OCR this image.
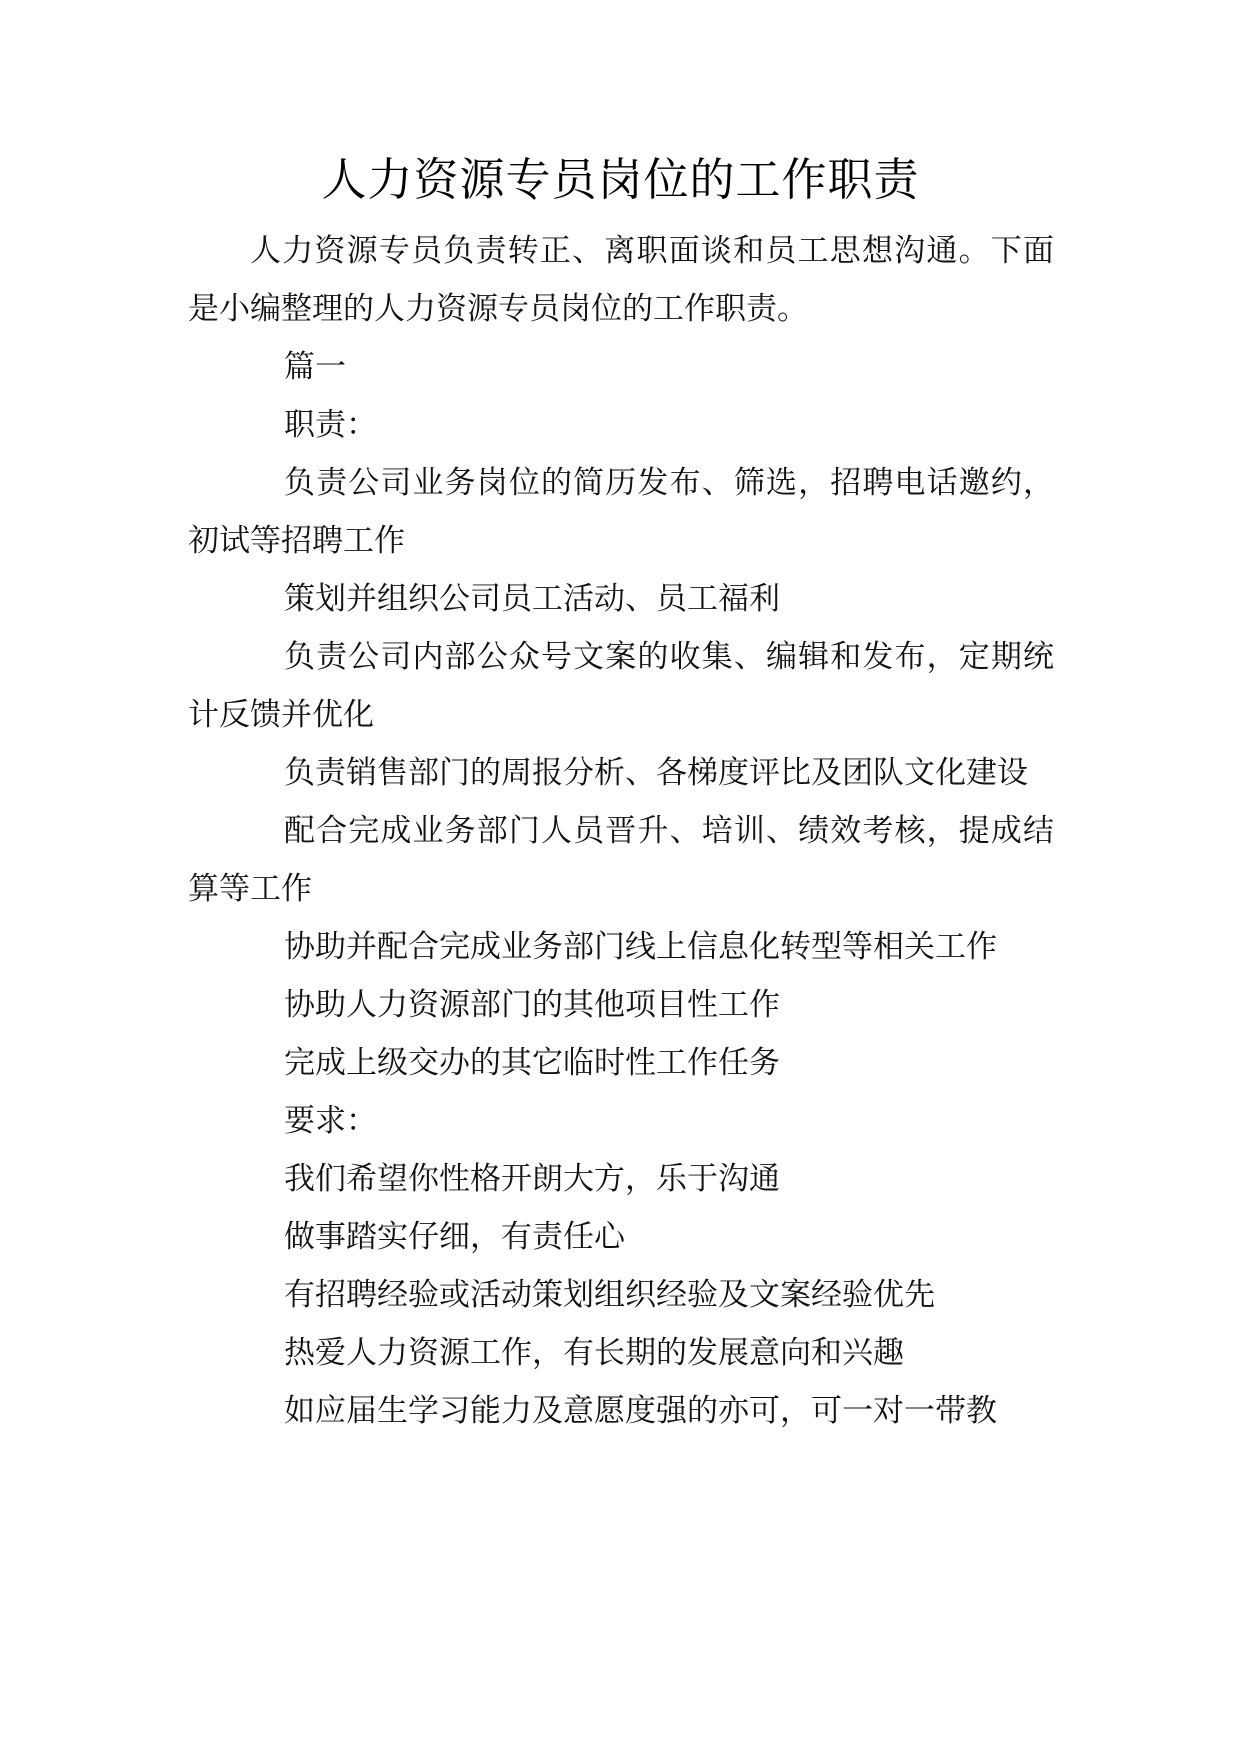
人力资源专员岗位的工作职责

人力资源专员负责转正、离职面谈和员工思想沟通。下面是小编整理的人力资源专员岗位的工作职责。

篇一

职责：

负责公司业务岗位的简历发布、筛选，招聘电话邀约，初试等招聘工作

策划并组织公司员工活动、员工福利

负责公司内部公众号文案的收集、编辑和发布，定期统计反馈并优化

负责销售部门的周报分析、各梯度评比及团队文化建设

配合完成业务部门人员晋升、培训、绩效考核，提成结算等工作

协助并配合完成业务部门线上信息化转型等相关工作

协助人力资源部门的其他项目性工作

完成上级交办的其它临时性工作任务

要求：

我们希望你性格开朗大方，乐于沟通

做事踏实仔细，有责任心

有招聘经验或活动策划组织经验及文案经验优先

热爱人力资源工作，有长期的发展意向和兴趣

如应届生学习能力及意愿度强的亦可，可一对一带教
